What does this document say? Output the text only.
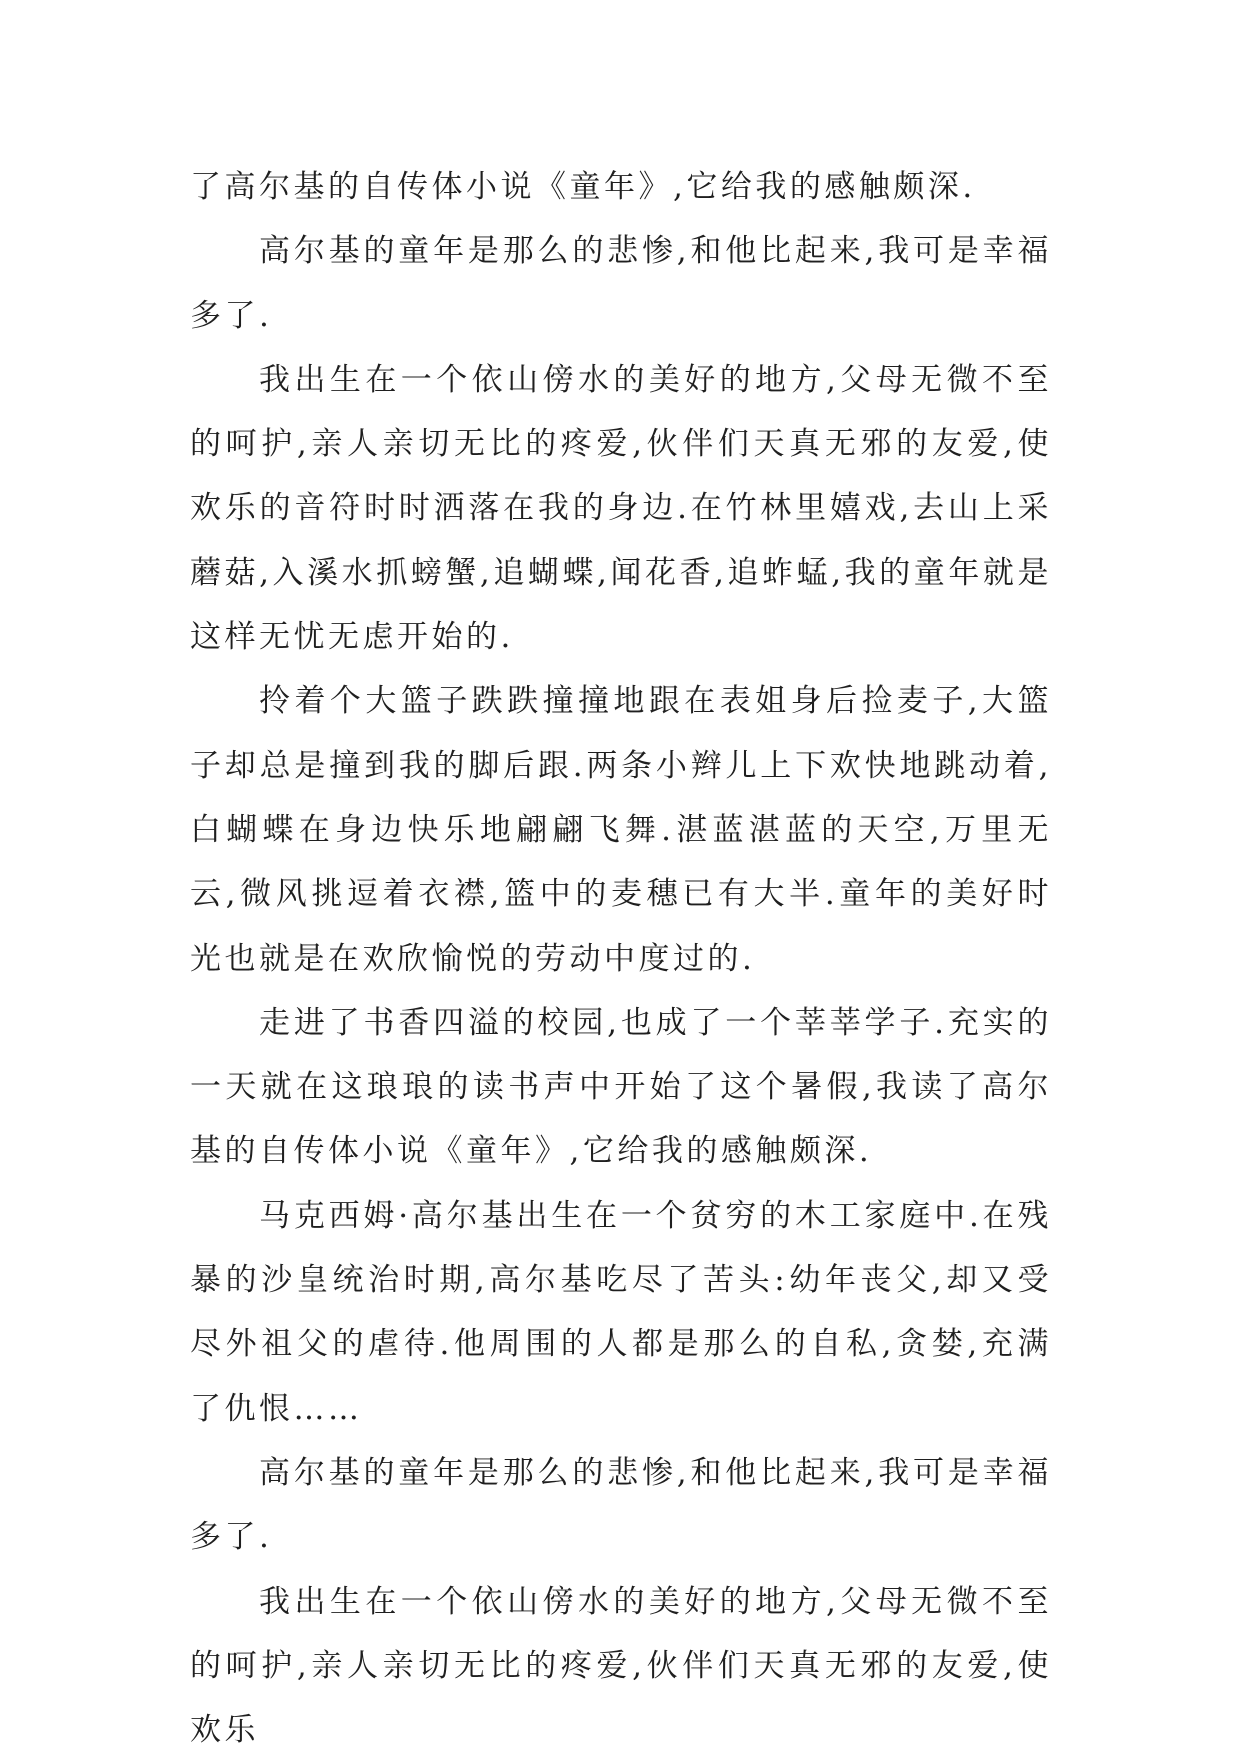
了高尔基的自传体小说《童年》,它给我的感触颇深.

高尔基的童年是那么的悲惨,和他比起来,我可是幸福多了.

我出生在一个依山傍水的美好的地方,父母无微不至的呵护,亲人亲切无比的疼爱,伙伴们天真无邪的友爱,使欢乐的音符时时洒落在我的身边.在竹林里嬉戏,去山上采蘑菇,入溪水抓螃蟹,追蝴蝶,闻花香,追蚱蜢,我的童年就是这样无忧无虑开始的.

拎着个大篮子跌跌撞撞地跟在表姐身后捡麦子,大篮子却总是撞到我的脚后跟.两条小辫儿上下欢快地跳动着,白蝴蝶在身边快乐地翩翩飞舞.湛蓝湛蓝的天空,万里无云,微风挑逗着衣襟,篮中的麦穗已有大半.童年的美好时光也就是在欢欣愉悦的劳动中度过的.

走进了书香四溢的校园,也成了一个莘莘学子.充实的一天就在这琅琅的读书声中开始了这个暑假,我读了高尔基的自传体小说《童年》,它给我的感触颇深.

马克西姆·高尔基出生在一个贫穷的木工家庭中.在残暴的沙皇统治时期,高尔基吃尽了苦头:幼年丧父,却又受尽外祖父的虐待.他周围的人都是那么的自私,贪婪,充满了仇恨……

高尔基的童年是那么的悲惨,和他比起来,我可是幸福多了.

我出生在一个依山傍水的美好的地方,父母无微不至的呵护,亲人亲切无比的疼爱,伙伴们天真无邪的友爱,使欢乐
